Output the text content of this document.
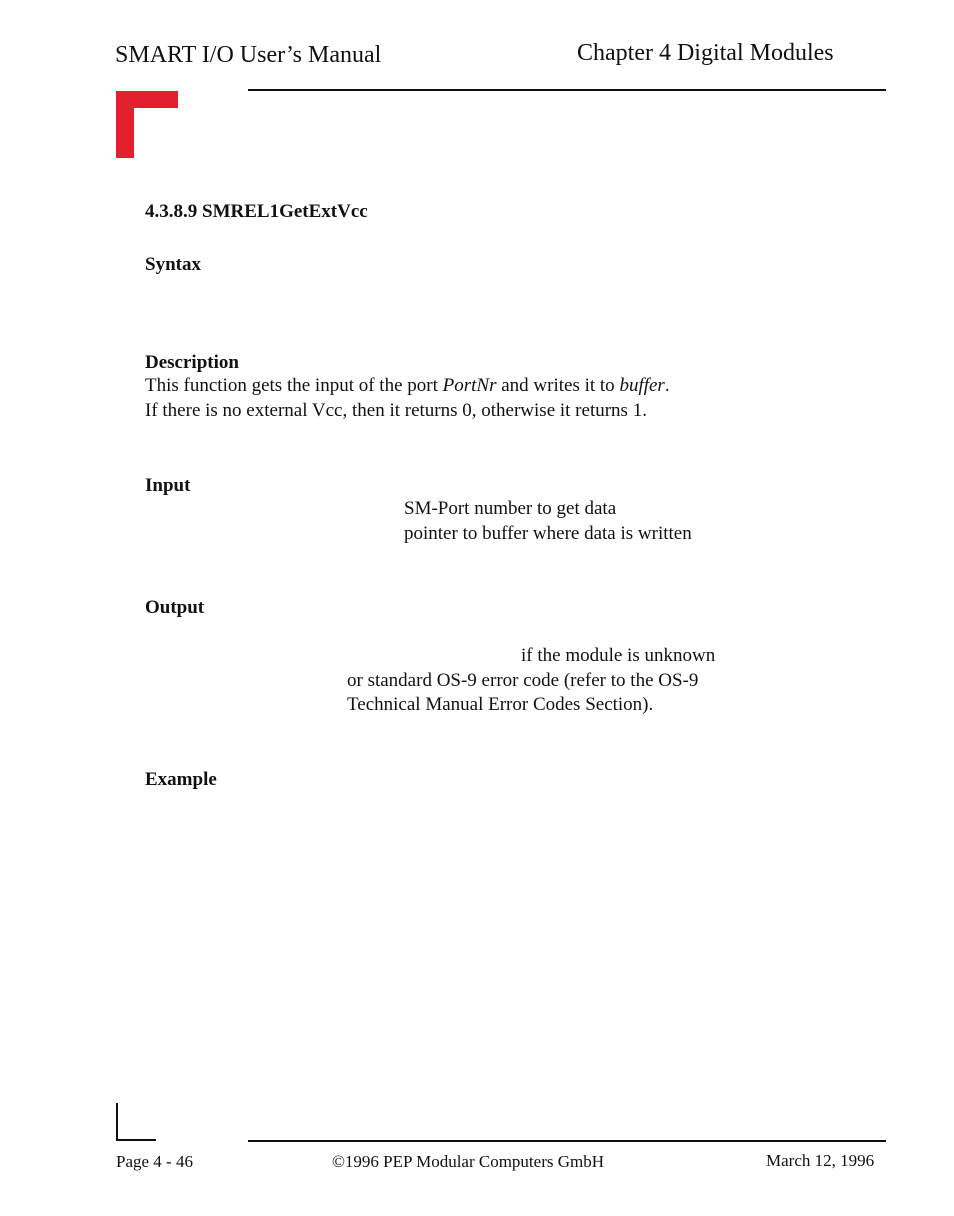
SMART I/O User’s Manual	Chapter 4 Digital Modules
4.3.8.9 SMREL1GetExtVcc
Syntax
Description
This function gets the input of the port PortNr and writes it to buffer.
If there is no external Vcc, then it returns 0, otherwise it returns 1.
Input
SM-Port number to get data
pointer to buffer where data is written
Output
if the module is unknown
or standard OS-9 error code (refer to the OS-9
Technical Manual Error Codes Section).
Example
Page 4 - 46	©1996 PEP Modular Computers GmbH	March 12, 1996
